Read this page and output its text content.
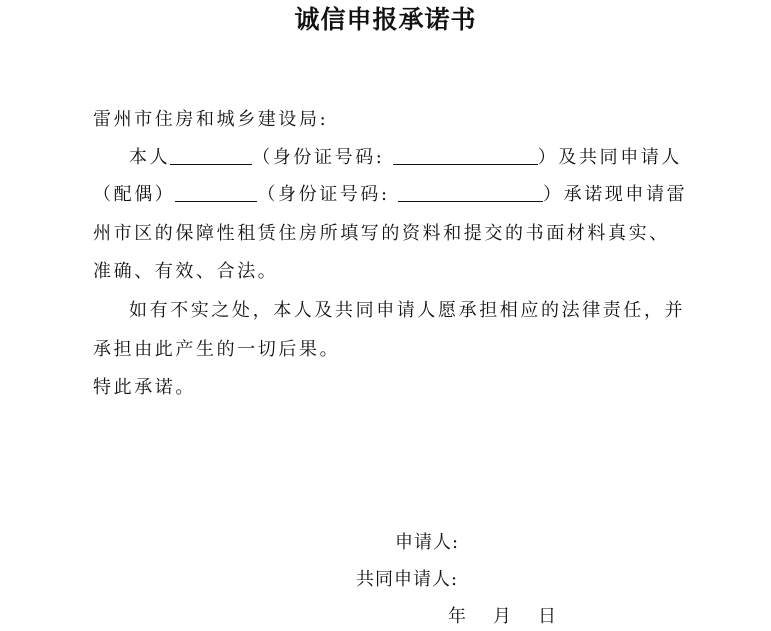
诚信申报承诺书
雷州市住房和城乡建设局:
本人	（身份证号码:	）及共同申请人
（配偶）	（身份证号码:	）承诺现申请雷
州市区的保障性租赁住房所填写的资料和提交的书面材料真实、
准确、有效、合法。
如有不实之处，本人及共同申请人愿承担相应的法律责任，并
承担由此产生的一切后果。
特此承诺。
申请人:
共同申请人:
年 月 日
